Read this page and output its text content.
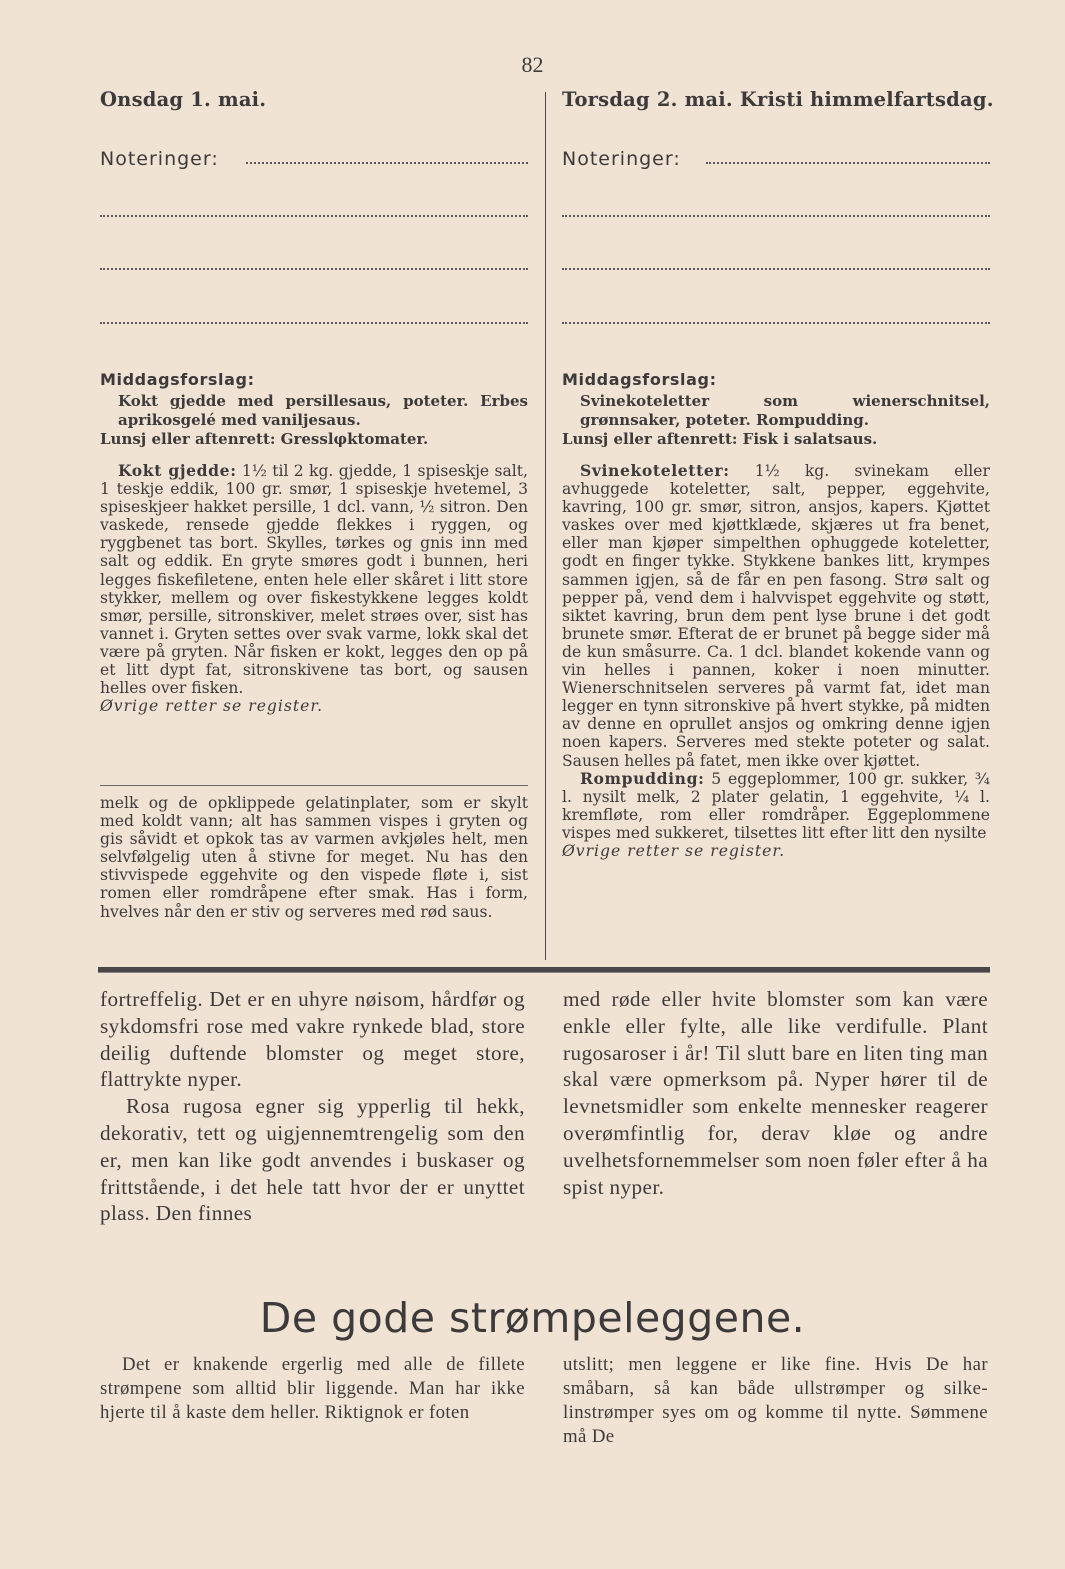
82
Onsdag 1. mai.
Noteringer:
Middagsforslag:
Kokt gjedde med persillesaus, poteter. Erbes aprikosgelé med vaniljesaus.
Lunsj eller aftenrett: Gresslφktomater.

Kokt gjedde: 1½ til 2 kg. gjedde, 1 spiseskje salt, 1 teskje eddik, 100 gr. smør, 1 spiseskje hvetemel, 3 spiseskjeer hakket persille, 1 dcl. vann, ½ sitron. Den vaskede, rensede gjedde flekkes i ryggen, og ryggbenet tas bort. Skylles, tørkes og gnis inn med salt og eddik. En gryte smøres godt i bunnen, heri legges fiskefiletene, enten hele eller skåret i litt store stykker, mellem og over fiskestykkene legges koldt smør, persille, sitronskiver, melet strøes over, sist has vannet i. Gryten settes over svak varme, lokk skal det være på gryten. Når fisken er kokt, legges den op på et litt dypt fat, sitronskivene tas bort, og sausen helles over fisken.

Øvrige retter se register.

melk og de opklippede gelatinplater, som er skylt med koldt vann; alt has sammen vispes i gryten og gis såvidt et opkok tas av varmen avkjøles helt, men selvfølgelig uten å stivne for meget. Nu has den stivvispede eggehvite og den vispede fløte i, sist romen eller romdråpene efter smak. Has i form, hvelves når den er stiv og serveres med rød saus.

Torsdag 2. mai. Kristi himmelfartsdag.
Noteringer:
Middagsforslag:
Svinekoteletter som wienerschnitsel, grønnsaker, poteter. Rompudding.
Lunsj eller aftenrett: Fisk i salatsaus.

Svinekoteletter: 1½ kg. svinekam eller avhuggede koteletter, salt, pepper, eggehvite, kavring, 100 gr. smør, sitron, ansjos, kapers. Kjøttet vaskes over med kjøttklæde, skjæres ut fra benet, eller man kjøper simpelthen ophuggede koteletter, godt en finger tykke. Stykkene bankes litt, krympes sammen igjen, så de får en pen fasong. Strø salt og pepper på, vend dem i halvvispet eggehvite og støtt, siktet kavring, brun dem pent lyse brune i det godt brunete smør. Efterat de er brunet på begge sider må de kun småsurre. Ca. 1 dcl. blandet kokende vann og vin helles i pannen, koker i noen minutter. Wienerschnitselen serveres på varmt fat, idet man legger en tynn sitronskive på hvert stykke, på midten av denne en oprullet ansjos og omkring denne igjen noen kapers. Serveres med stekte poteter og salat. Sausen helles på fatet, men ikke over kjøttet.

Rompudding: 5 eggeplommer, 100 gr. sukker, ¾ l. nysilt melk, 2 plater gelatin, 1 eggehvite, ¼ l. kremfløte, rom eller romdråper. Eggeplommene vispes med sukkeret, tilsettes litt efter litt den nysilte

Øvrige retter se register.

fortreffelig. Det er en uhyre nøisom, hårdfør og sykdomsfri rose med vakre rynkede blad, store deilig duftende blomster og meget store, flattrykte nyper.

Rosa rugosa egner sig ypperlig til hekk, dekorativ, tett og uigjennemtrengelig som den er, men kan like godt anvendes i buskaser og frittstående, i det hele tatt hvor der er unyttet plass. Den finnes

med røde eller hvite blomster som kan være enkle eller fylte, alle like verdifulle. Plant rugosaroser i år! Til slutt bare en liten ting man skal være opmerksom på. Nyper hører til de levnetsmidler som enkelte mennesker reagerer overømfintlig for, derav kløe og andre uvelhetsfornemmelser som noen føler efter å ha spist nyper.

De gode strømpeleggene.

Det er knakende ergerlig med alle de fillete strømpene som alltid blir liggende. Man har ikke hjerte til å kaste dem heller. Riktignok er foten

utslitt; men leggene er like fine. Hvis De har småbarn, så kan både ullstrømper og silke-linstrømper syes om og komme til nytte. Sømmene må De
